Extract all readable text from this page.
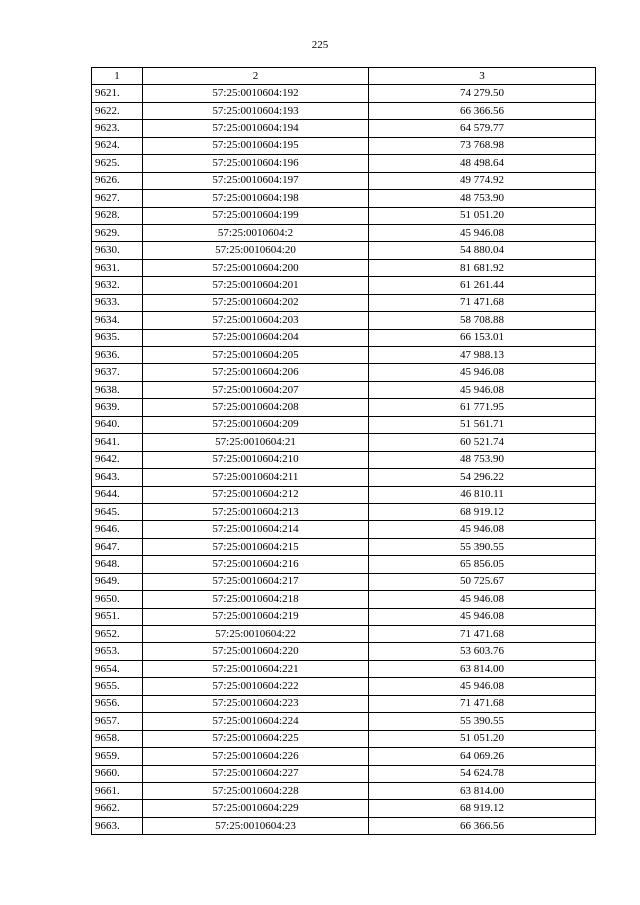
225
1	2	3
9621.	57:25:0010604:192	74 279.50
9622.	57:25:0010604:193	66 366.56
9623.	57:25:0010604:194	64 579.77
9624.	57:25:0010604:195	73 768.98
9625.	57:25:0010604:196	48 498.64
9626.	57:25:0010604:197	49 774.92
9627.	57:25:0010604:198	48 753.90
9628.	57:25:0010604:199	51 051.20
9629.	57:25:0010604:2	45 946.08
9630.	57:25:0010604:20	54 880.04
9631.	57:25:0010604:200	81 681.92
9632.	57:25:0010604:201	61 261.44
9633.	57:25:0010604:202	71 471.68
9634.	57:25:0010604:203	58 708.88
9635.	57:25:0010604:204	66 153.01
9636.	57:25:0010604:205	47 988.13
9637.	57:25:0010604:206	45 946.08
9638.	57:25:0010604:207	45 946.08
9639.	57:25:0010604:208	61 771.95
9640.	57:25:0010604:209	51 561.71
9641.	57:25:0010604:21	60 521.74
9642.	57:25:0010604:210	48 753.90
9643.	57:25:0010604:211	54 296.22
9644.	57:25:0010604:212	46 810.11
9645.	57:25:0010604:213	68 919.12
9646.	57:25:0010604:214	45 946.08
9647.	57:25:0010604:215	55 390.55
9648.	57:25:0010604:216	65 856.05
9649.	57:25:0010604:217	50 725.67
9650.	57:25:0010604:218	45 946.08
9651.	57:25:0010604:219	45 946.08
9652.	57:25:0010604:22	71 471.68
9653.	57:25:0010604:220	53 603.76
9654.	57:25:0010604:221	63 814.00
9655.	57:25:0010604:222	45 946.08
9656.	57:25:0010604:223	71 471.68
9657.	57:25:0010604:224	55 390.55
9658.	57:25:0010604:225	51 051.20
9659.	57:25:0010604:226	64 069.26
9660.	57:25:0010604:227	54 624.78
9661.	57:25:0010604:228	63 814.00
9662.	57:25:0010604:229	68 919.12
9663.	57:25:0010604:23	66 366.56
